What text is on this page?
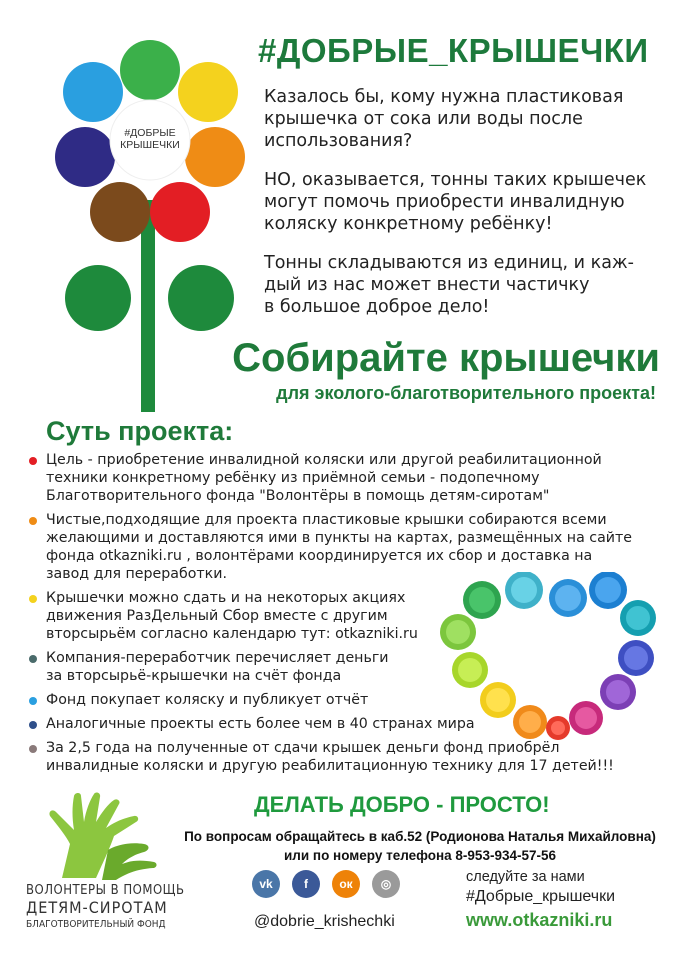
#ДОБРЫЕ
КРЫШЕЧКИ
#ДОБРЫЕ_КРЫШЕЧКИ
Казалось бы, кому нужна пластиковая
крышечка от сока или воды после
использования?
НО, оказывается, тонны таких крышечек
могут помочь приобрести инвалидную
коляску конкретному ребёнку!
Тонны складываются из единиц, и каж-
дый из нас может внести частичку
в большое доброе дело!
Собирайте крышечки
для эколого-благотворительного проекта!
Суть проекта:
Цель - приобретение инвалидной коляски или другой реабилитационной
техники конкретному ребёнку из приёмной семьи - подопечному
Благотворительного фонда "Волонтёры в помощь детям-сиротам"
Чистые,подходящие для проекта пластиковые крышки собираются всеми
желающими и доставляются ими в пункты на картах, размещённых на сайте
фонда otkazniki.ru , волонтёрами координируется их сбор и доставка на
завод для переработки.
Крышечки можно сдать и на некоторых акциях
движения РазДельный Сбор вместе с другим
вторсырьём согласно календарю тут: otkazniki.ru
Компания-переработчик перечисляет деньги
за вторсырьё-крышечки на счёт фонда
Фонд покупает коляску и публикует отчёт
Аналогичные проекты есть более чем в 40 странах мира
За 2,5 года на полученные от сдачи крышек деньги фонд приобрёл
инвалидные коляски и другую реабилитационную технику для 17 детей!!!
ДЕЛАТЬ ДОБРО - ПРОСТО!
По вопросам обращайтесь в каб.52 (Родионова Наталья Михайловна)
или по номеру телефона 8-953-934-57-56
ВОЛОНТЕРЫ В ПОМОЩЬ
ДЕТЯМ-СИРОТАМ
БЛАГОТВОРИТЕЛЬНЫЙ ФОНД
vk	f	ок	◎
@dobrie_krishechki
следуйте за нами
#Добрые_крышечки
www.otkazniki.ru
